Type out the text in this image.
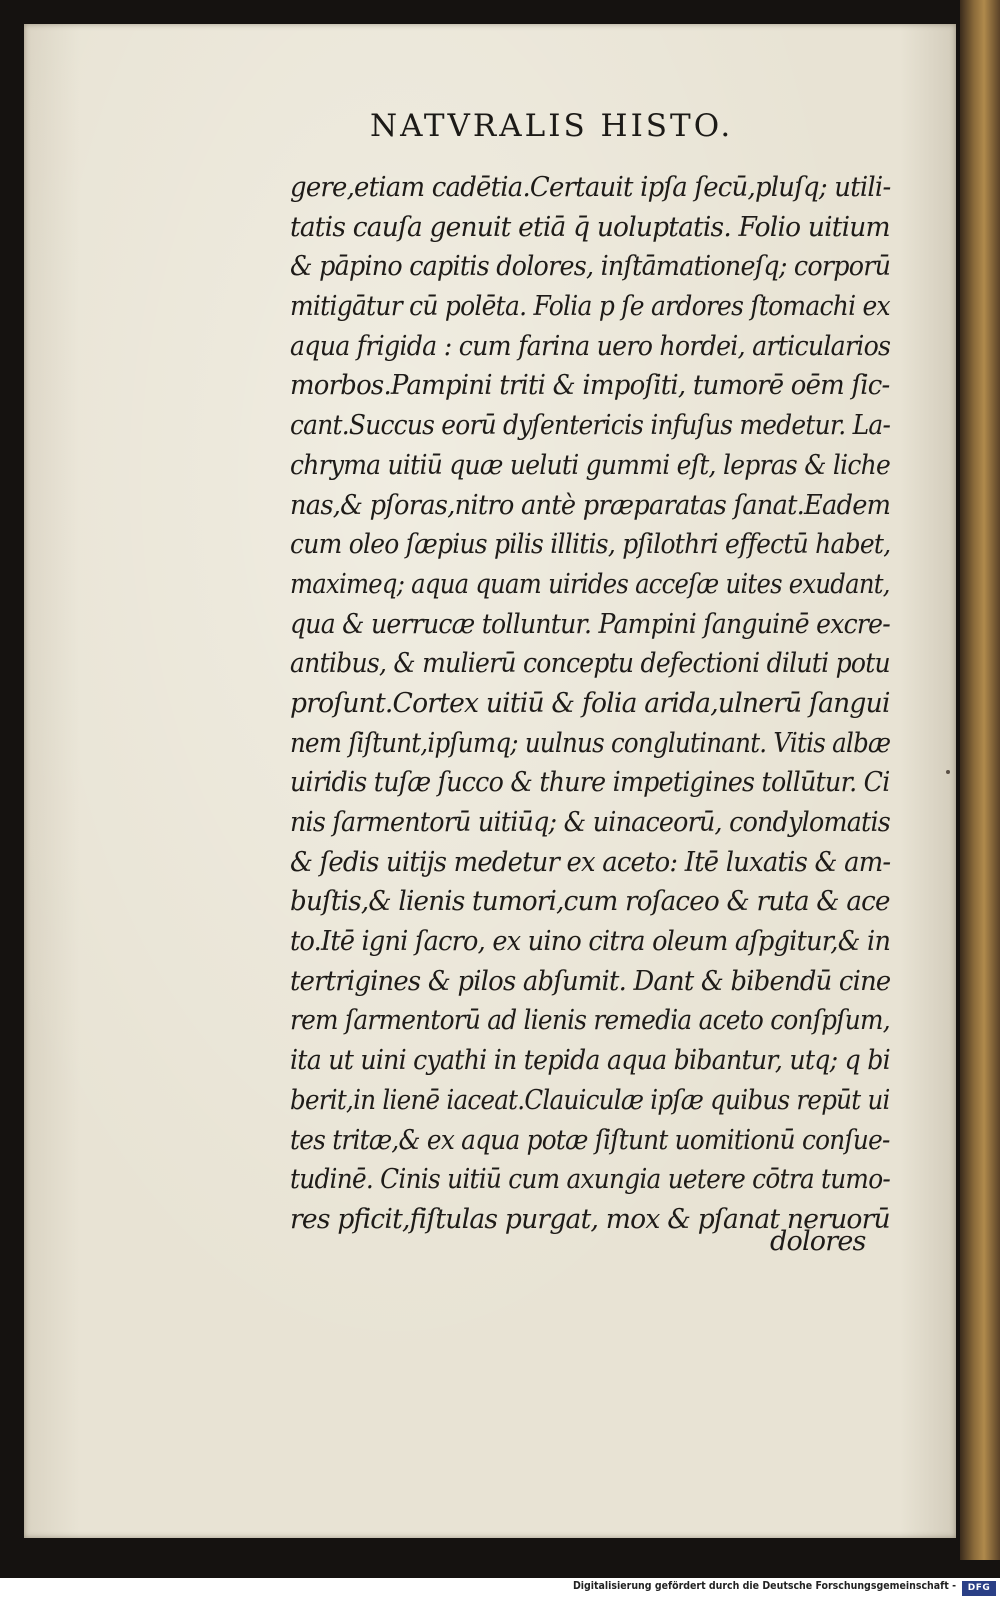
NATVRALIS HISTO.
gere,etiam cadētia.Certauit ipſa ſecū,pluſq; utili-
tatis cauſa genuit etiā q̄ uoluptatis. Folio uitium
& pāpino capitis dolores, inſtāmationeſq; corporū
mitigātur cū polēta. Folia p ſe ardores ſtomachi ex
aqua frigida : cum farina uero hordei, articularios
morbos.Pampini triti & impoſiti, tumorē oēm ſic-
cant.Succus eorū dyſentericis infuſus medetur. La-
chryma uitiū quæ ueluti gummi eſt, lepras & liche
nas,& pſoras,nitro antè præparatas ſanat.Eadem
cum oleo ſæpius pilis illitis, pſilothri effectū habet,
maximeq; aqua quam uirides acceſæ uites exudant,
qua & uerrucæ tolluntur. Pampini ſanguinē excre-
antibus, & mulierū conceptu defectioni diluti potu
proſunt.Cortex uitiū & folia arida,ulnerū ſangui
nem ſiſtunt,ipſumq; uulnus conglutinant. Vitis albæ
uiridis tuſæ ſucco & thure impetigines tollūtur. Ci
nis ſarmentorū uitiūq; & uinaceorū, condylomatis
& ſedis uitijs medetur ex aceto: Itē luxatis & am-
buſtis,& lienis tumori,cum roſaceo & ruta & ace
to.Itē igni ſacro, ex uino citra oleum aſpgitur,& in
tertrigines & pilos abſumit. Dant & bibendū cine
rem ſarmentorū ad lienis remedia aceto conſpſum,
ita ut uini cyathi in tepida aqua bibantur, utq; q bi
berit,in lienē iaceat.Clauiculæ ipſæ quibus repūt ui
tes tritæ,& ex aqua potæ ſiſtunt uomitionū conſue-
tudinē. Cinis uitiū cum axungia uetere cōtra tumo-
res pficit,fiſtulas purgat, mox & pſanat neruorū
dolores
Digitalisierung gefördert durch die Deutsche Forschungsgemeinschaft -	DFG
